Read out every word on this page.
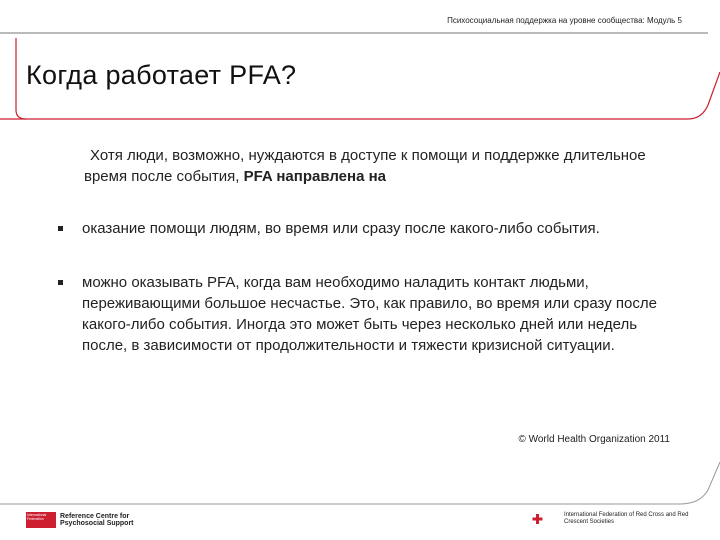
Психосоциальная поддержка на уровне сообщества: Модуль 5
Когда работает PFA?
Хотя люди, возможно, нуждаются в доступе к помощи и поддержке длительное время после события, PFA направлена на
оказание помощи людям, во время или сразу после какого-либо события.
можно оказывать PFA, когда вам необходимо наладить контакт людьми, переживающими большое несчастье. Это, как правило, во время или сразу после какого-либо события. Иногда это может быть через несколько дней или недель после, в зависимости от продолжительности и тяжести кризисной ситуации.
© World Health Organization 2011
International Federation	Reference Centre for Psychosocial Support
International Federation of Red Cross and Red Crescent Societies
